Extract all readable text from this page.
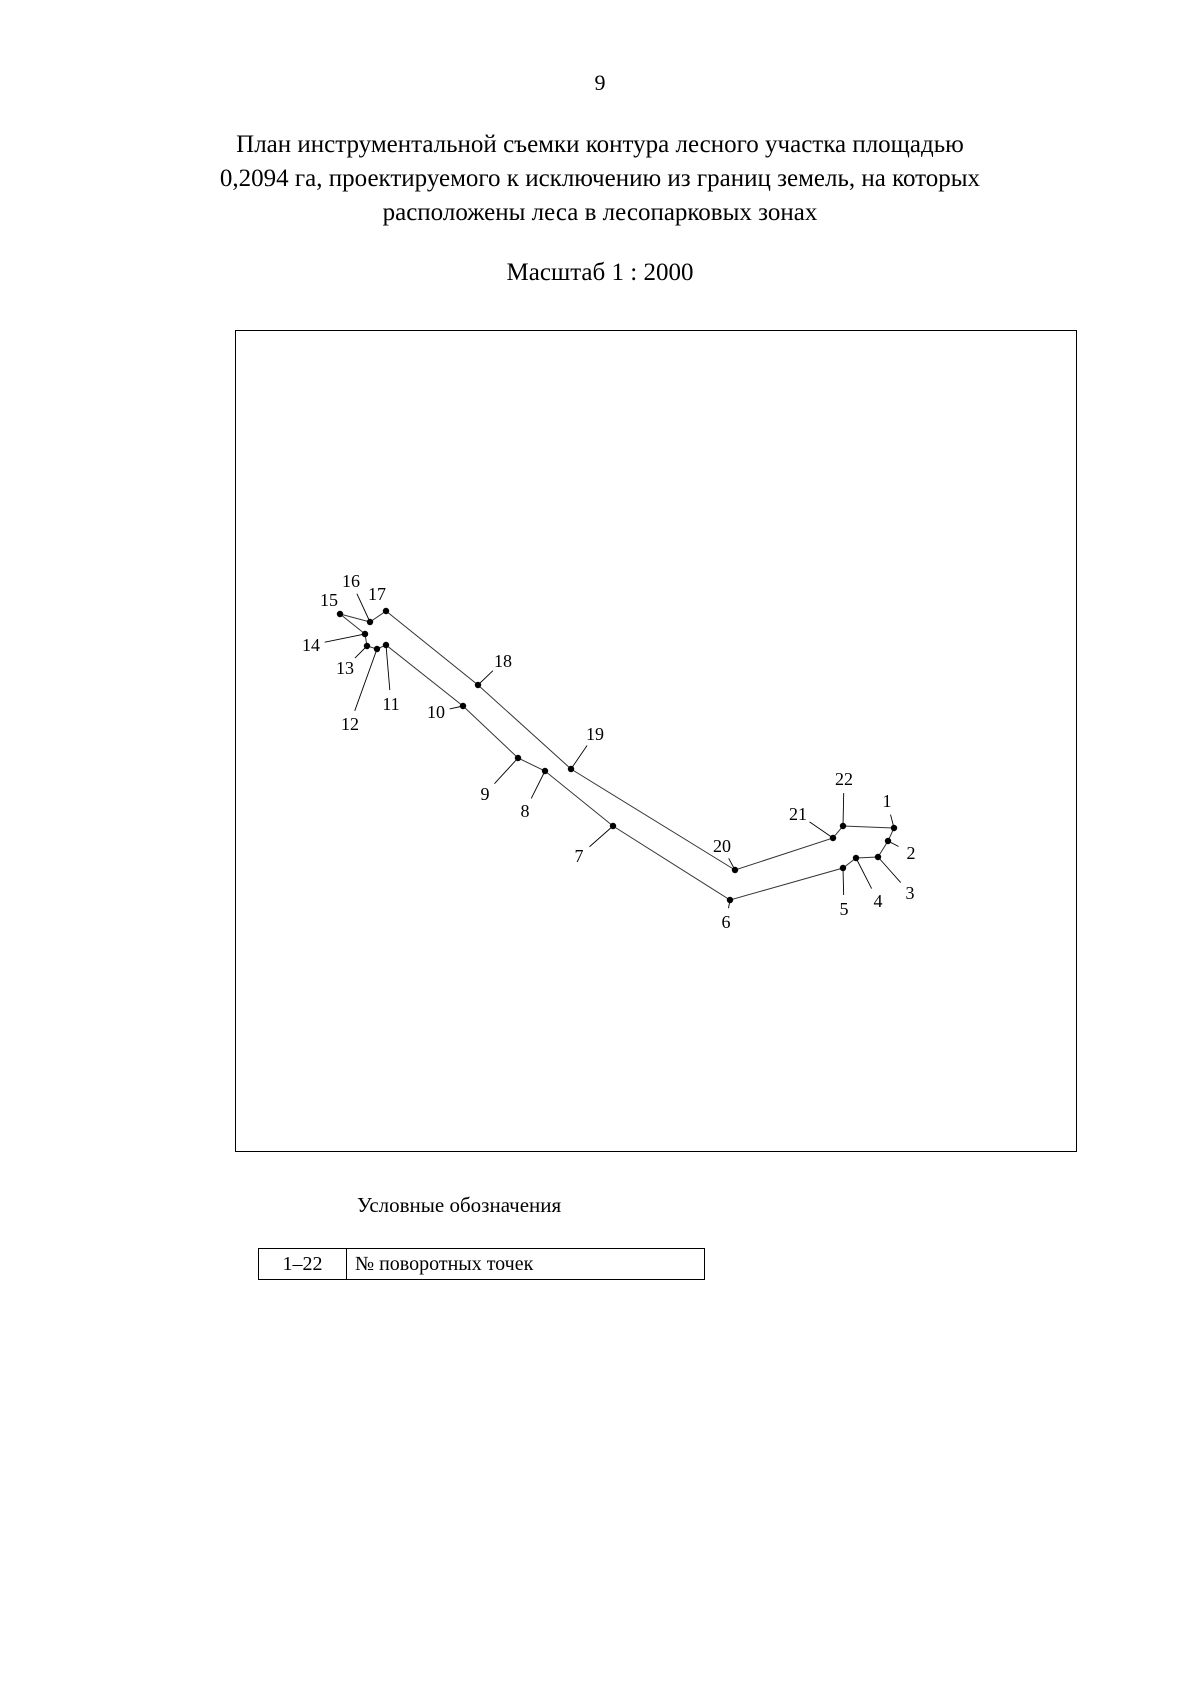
9
План инструментальной съемки контура лесного участка площадью
0,2094 га, проектируемого к исключению из границ земель, на которых
расположены леса в лесопарковых зонах
Масштаб 1 : 2000
1
2
3
4
5
6
7
8
9
10
11
12
13
14
15
16
17
18
19
20
21
22
Условные обозначения
1–22	№ поворотных точек
